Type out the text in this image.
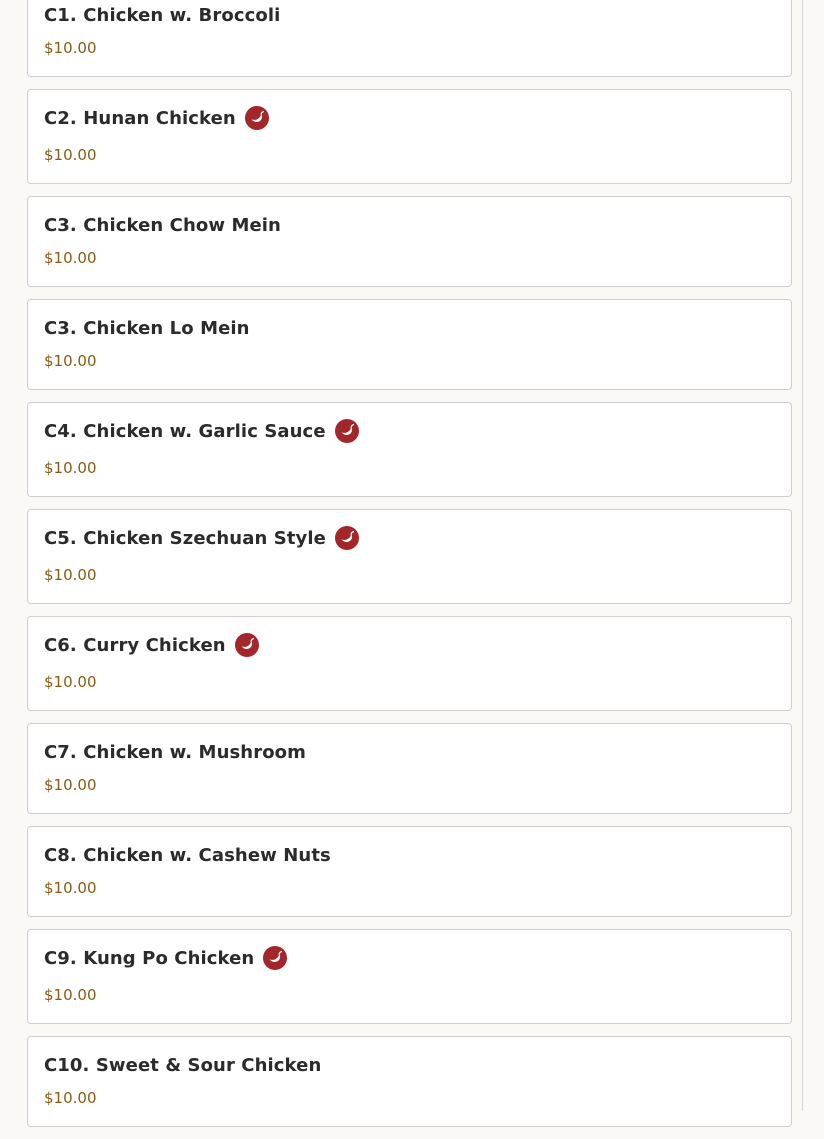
C1. Chicken w. Broccoli
$10.00
C2. Hunan Chicken
$10.00
C3. Chicken Chow Mein
$10.00
C3. Chicken Lo Mein
$10.00
C4. Chicken w. Garlic Sauce
$10.00
C5. Chicken Szechuan Style
$10.00
C6. Curry Chicken
$10.00
C7. Chicken w. Mushroom
$10.00
C8. Chicken w. Cashew Nuts
$10.00
C9. Kung Po Chicken
$10.00
C10. Sweet & Sour Chicken
$10.00
